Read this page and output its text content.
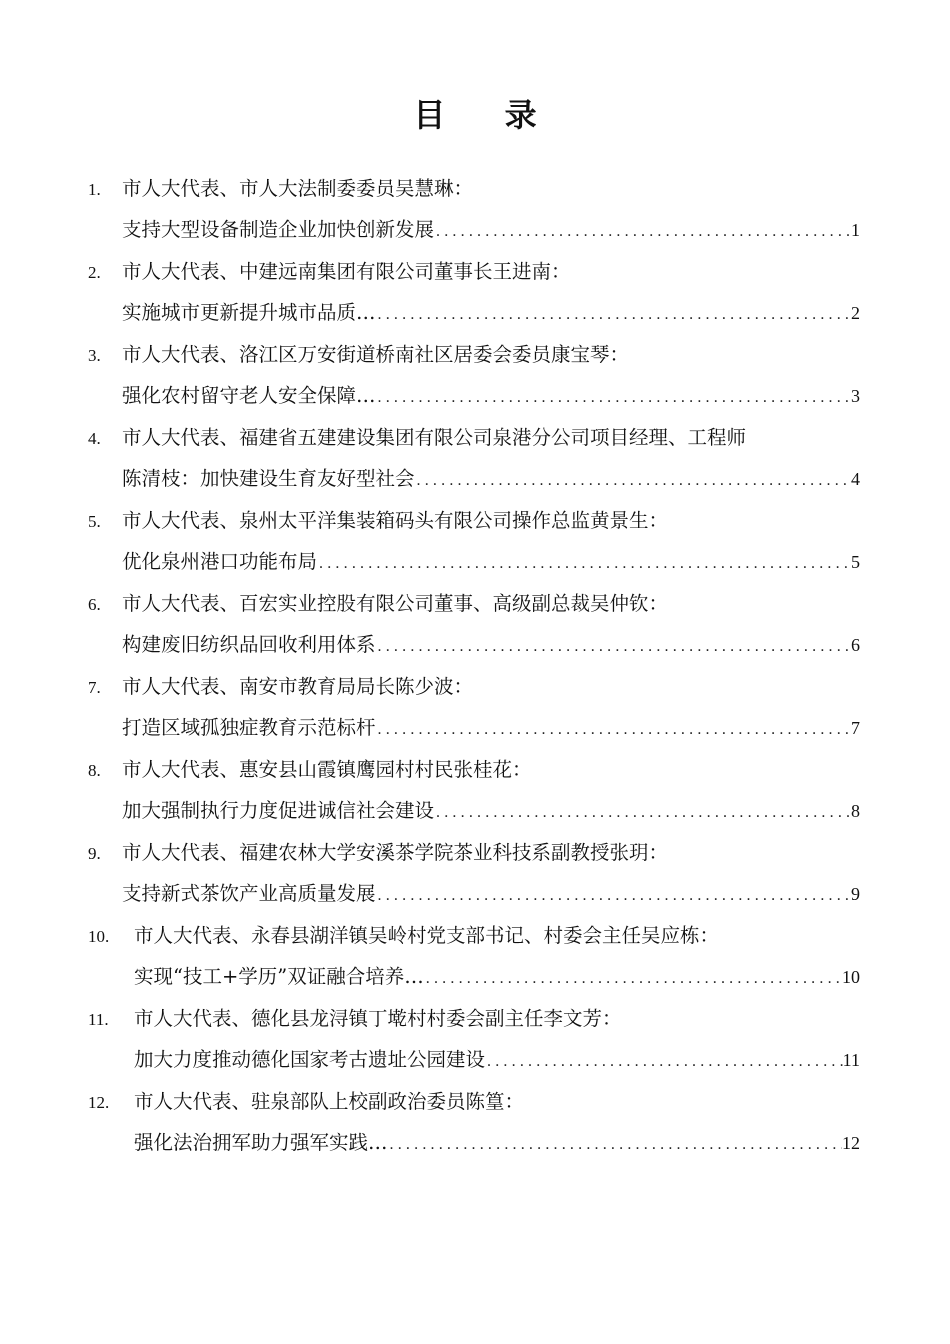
目 录
1. 市人大代表、市人大法制委委员吴慧琳：
支持大型设备制造企业加快创新发展 .....	1
2. 市人大代表、中建远南集团有限公司董事长王进南：
实施城市更新提升城市品质… .....	2
3. 市人大代表、洛江区万安街道桥南社区居委会委员康宝琴：
强化农村留守老人安全保障… .....	3
4. 市人大代表、福建省五建建设集团有限公司泉港分公司项目经理、工程师
陈清枝：加快建设生育友好型社会 .....	4
5. 市人大代表、泉州太平洋集装箱码头有限公司操作总监黄景生：
优化泉州港口功能布局 .....	5
6. 市人大代表、百宏实业控股有限公司董事、高级副总裁吴仲钦：
构建废旧纺织品回收利用体系 .....	6
7. 市人大代表、南安市教育局局长陈少波：
打造区域孤独症教育示范标杆 .....	7
8. 市人大代表、惠安县山霞镇鹰园村村民张桂花：
加大强制执行力度促进诚信社会建设 .....	8
9. 市人大代表、福建农林大学安溪茶学院茶业科技系副教授张玥：
支持新式茶饮产业高质量发展 .....	9
10. 市人大代表、永春县湖洋镇吴岭村党支部书记、村委会主任吴应栋：
实现“技工+学历”双证融合培养… .....	10
11. 市人大代表、德化县龙浔镇丁墘村村委会副主任李文芳：
加大力度推动德化国家考古遗址公园建设 .....	11
12. 市人大代表、驻泉部队上校副政治委员陈篁：
强化法治拥军助力强军实践… .....	12
